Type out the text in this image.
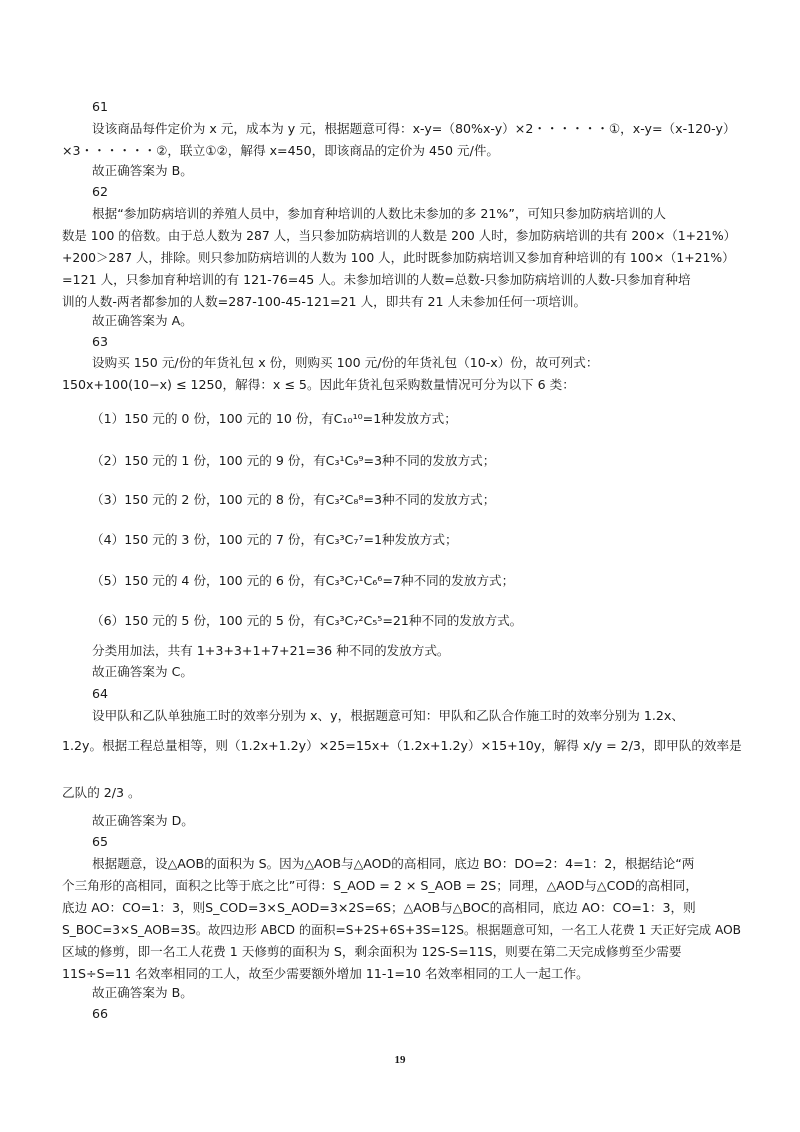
61
设该商品每件定价为 x 元，成本为 y 元，根据题意可得：x-y=（80%x-y）×2・・・・・・①，x-y=（x-120-y）
×3・・・・・・②，联立①②，解得 x=450，即该商品的定价为 450 元/件。
故正确答案为 B。
62
根据“参加防病培训的养殖人员中，参加育种培训的人数比未参加的多 21%”，可知只参加防病培训的人
数是 100 的倍数。由于总人数为 287 人，当只参加防病培训的人数是 200 人时，参加防病培训的共有 200×（1+21%）
+200＞287 人，排除。则只参加防病培训的人数为 100 人，此时既参加防病培训又参加育种培训的有 100×（1+21%）
=121 人，只参加育种培训的有 121-76=45 人。未参加培训的人数=总数-只参加防病培训的人数-只参加育种培
训的人数-两者都参加的人数=287-100-45-121=21 人，即共有 21 人未参加任何一项培训。
故正确答案为 A。
63
设购买 150 元/份的年货礼包 x 份，则购买 100 元/份的年货礼包（10-x）份，故可列式：
150x+100(10−x) ≤ 1250，解得：x ≤ 5。因此年货礼包采购数量情况可分为以下 6 类：
（1）150 元的 0 份，100 元的 10 份，有C₁₀¹⁰=1种发放方式；
（2）150 元的 1 份，100 元的 9 份，有C₃¹C₉⁹=3种不同的发放方式；
（3）150 元的 2 份，100 元的 8 份，有C₃²C₈⁸=3种不同的发放方式；
（4）150 元的 3 份，100 元的 7 份，有C₃³C₇⁷=1种发放方式；
（5）150 元的 4 份，100 元的 6 份，有C₃³C₇¹C₆⁶=7种不同的发放方式；
（6）150 元的 5 份，100 元的 5 份，有C₃³C₇²C₅⁵=21种不同的发放方式。
分类用加法，共有 1+3+3+1+7+21=36 种不同的发放方式。
故正确答案为 C。
64
设甲队和乙队单独施工时的效率分别为 x、y，根据题意可知：甲队和乙队合作施工时的效率分别为 1.2x、
1.2y。根据工程总量相等，则（1.2x+1.2y）×25=15x+（1.2x+1.2y）×15+10y，解得 x/y = 2/3，即甲队的效率是
乙队的 2/3 。
故正确答案为 D。
65
根据题意，设△AOB的面积为 S。因为△AOB与△AOD的高相同，底边 BO：DO=2：4=1：2，根据结论“两
个三角形的高相同，面积之比等于底之比”可得：S_AOD = 2 × S_AOB = 2S；同理，△AOD与△COD的高相同，
底边 AO：CO=1：3，则S_COD=3×S_AOD=3×2S=6S；△AOB与△BOC的高相同，底边 AO：CO=1：3，则
S_BOC=3×S_AOB=3S。故四边形 ABCD 的面积=S+2S+6S+3S=12S。根据题意可知，一名工人花费 1 天正好完成 AOB
区域的修剪，即一名工人花费 1 天修剪的面积为 S，剩余面积为 12S-S=11S，则要在第二天完成修剪至少需要
11S÷S=11 名效率相同的工人，故至少需要额外增加 11-1=10 名效率相同的工人一起工作。
故正确答案为 B。
66
19
